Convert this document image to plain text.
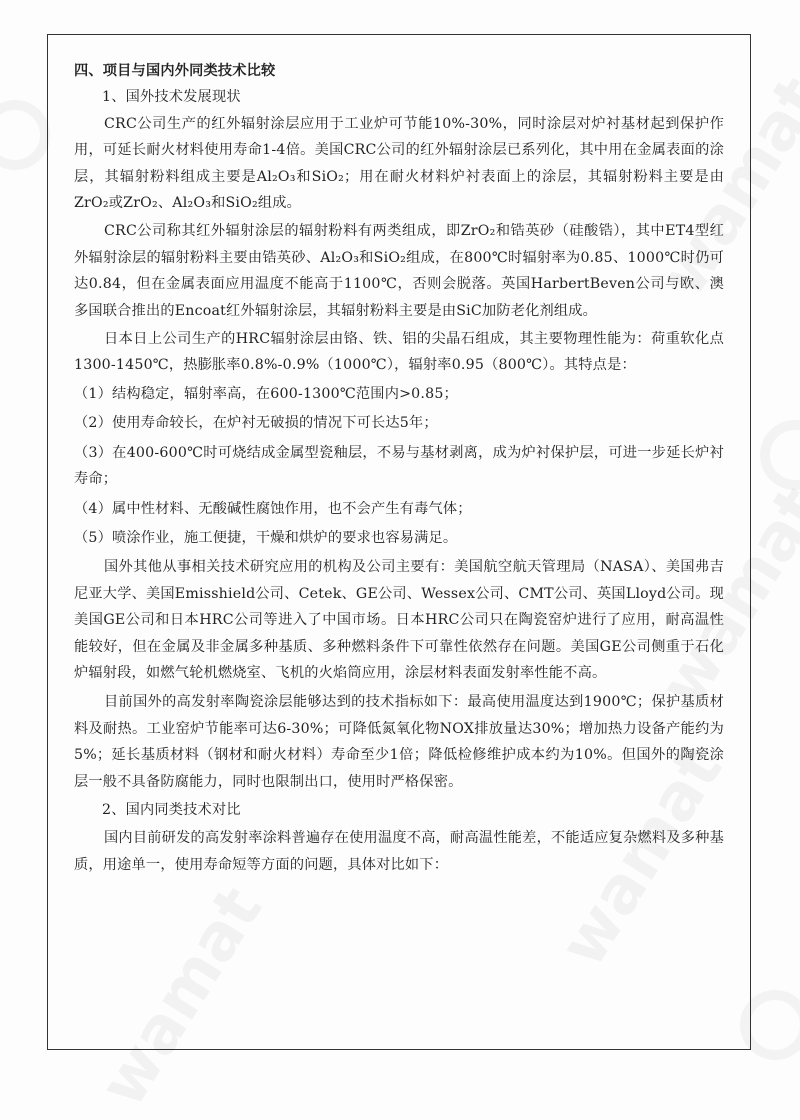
四、项目与国内外同类技术比较

1、国外技术发展现状

CRC公司生产的红外辐射涂层应用于工业炉可节能10%-30%，同时涂层对炉衬基材起到保护作用，可延长耐火材料使用寿命1-4倍。美国CRC公司的红外辐射涂层已系列化，其中用在金属表面的涂层，其辐射粉料组成主要是Al₂O₃和SiO₂；用在耐火材料炉衬表面上的涂层，其辐射粉料主要是由ZrO₂或ZrO₂、Al₂O₃和SiO₂组成。

CRC公司称其红外辐射涂层的辐射粉料有两类组成，即ZrO₂和锆英砂（硅酸锆），其中ET4型红外辐射涂层的辐射粉料主要由锆英砂、Al₂O₃和SiO₂组成，在800℃时辐射率为0.85、1000℃时仍可达0.84，但在金属表面应用温度不能高于1100℃，否则会脱落。英国HarbertBeven公司与欧、澳多国联合推出的Encoat红外辐射涂层，其辐射粉料主要是由SiC加防老化剂组成。

日本日上公司生产的HRC辐射涂层由铬、铁、铝的尖晶石组成，其主要物理性能为：荷重软化点1300-1450℃，热膨胀率0.8%-0.9%（1000℃），辐射率0.95（800℃）。其特点是：

（1）结构稳定，辐射率高，在600-1300℃范围内>0.85；

（2）使用寿命较长，在炉衬无破损的情况下可长达5年；

（3）在400-600℃时可烧结成金属型瓷釉层，不易与基材剥离，成为炉衬保护层，可进一步延长炉衬寿命；

（4）属中性材料、无酸碱性腐蚀作用，也不会产生有毒气体；

（5）喷涂作业，施工便捷，干燥和烘炉的要求也容易满足。

国外其他从事相关技术研究应用的机构及公司主要有：美国航空航天管理局（NASA）、美国弗吉尼亚大学、美国Emisshield公司、Cetek、GE公司、Wessex公司、CMT公司、英国Lloyd公司。现美国GE公司和日本HRC公司等进入了中国市场。日本HRC公司只在陶瓷窑炉进行了应用，耐高温性能较好，但在金属及非金属多种基质、多种燃料条件下可靠性依然存在问题。美国GE公司侧重于石化炉辐射段，如燃气轮机燃烧室、飞机的火焰筒应用，涂层材料表面发射率性能不高。

目前国外的高发射率陶瓷涂层能够达到的技术指标如下：最高使用温度达到1900℃；保护基质材料及耐热。工业窑炉节能率可达6-30%；可降低氮氧化物NOX排放量达30%；增加热力设备产能约为5%；延长基质材料（钢材和耐火材料）寿命至少1倍；降低检修维护成本约为10%。但国外的陶瓷涂层一般不具备防腐能力，同时也限制出口，使用时严格保密。

2、国内同类技术对比

国内目前研发的高发射率涂料普遍存在使用温度不高，耐高温性能差，不能适应复杂燃料及多种基质，用途单一，使用寿命短等方面的问题，具体对比如下：
